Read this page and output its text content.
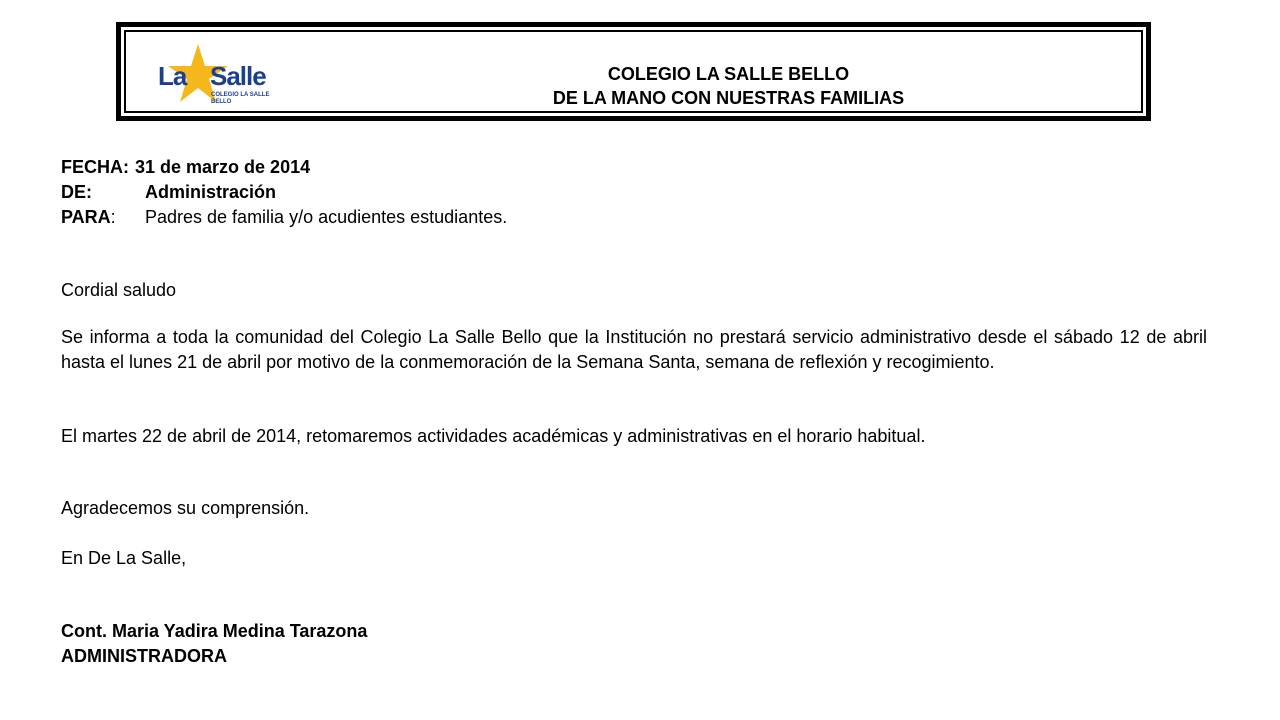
La Salle
COLEGIO LA SALLE
BELLO
COLEGIO LA SALLE BELLO
DE LA MANO CON NUESTRAS FAMILIAS
FECHA: 31 de marzo de 2014
DE:	Administración
PARA: Padres de familia y/o acudientes estudiantes.

Cordial saludo

Se informa a toda la comunidad del Colegio La Salle Bello que la Institución no prestará servicio administrativo desde el sábado 12 de abril hasta el lunes 21 de abril por motivo de la conmemoración de la Semana Santa, semana de reflexión y recogimiento.

El martes 22 de abril de 2014, retomaremos actividades académicas y administrativas en el horario habitual.

Agradecemos su comprensión.

En De La Salle,

Cont. Maria Yadira Medina Tarazona
ADMINISTRADORA
